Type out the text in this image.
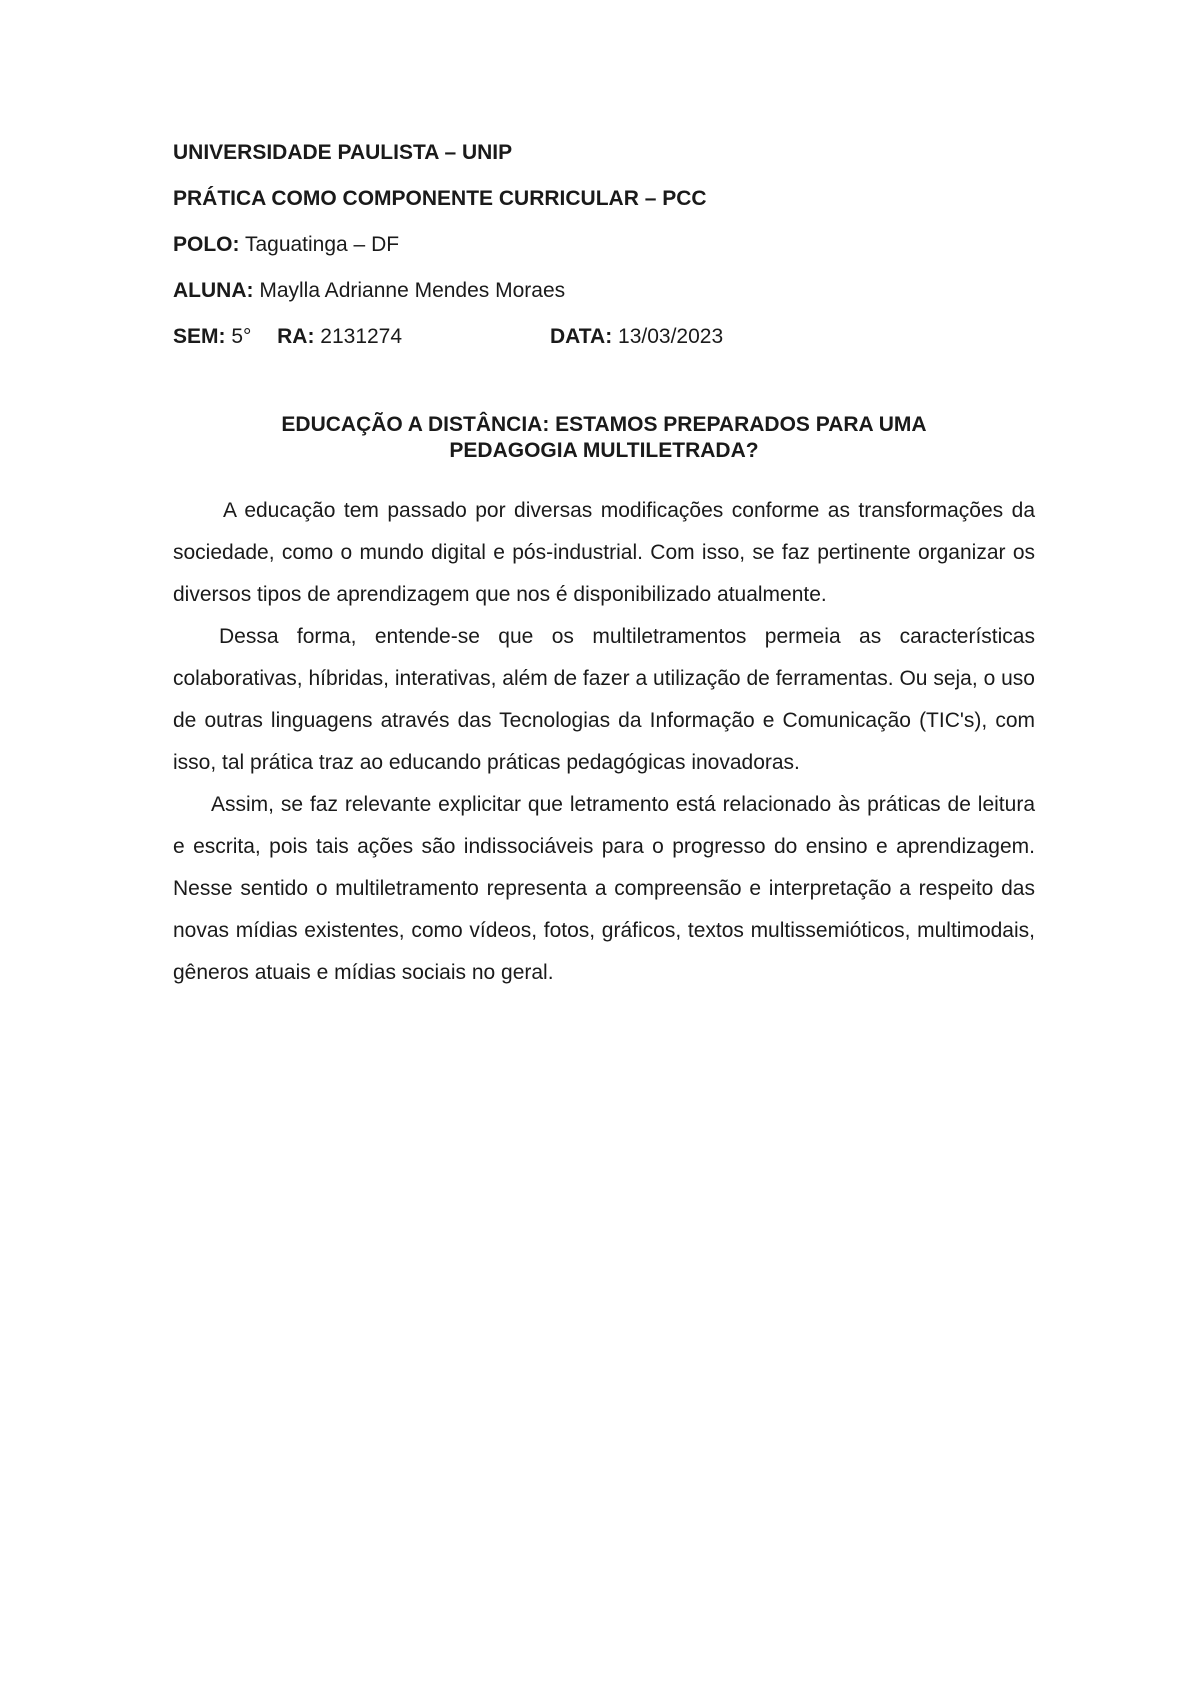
UNIVERSIDADE PAULISTA – UNIP
PRÁTICA COMO COMPONENTE CURRICULAR – PCC
POLO: Taguatinga – DF
ALUNA: Maylla Adrianne Mendes Moraes
SEM: 5° RA: 2131274	DATA: 13/03/2023
EDUCAÇÃO A DISTÂNCIA: ESTAMOS PREPARADOS PARA UMA
PEDAGOGIA MULTILETRADA?

A educação tem passado por diversas modificações conforme as transformações da sociedade, como o mundo digital e pós-industrial. Com isso, se faz pertinente organizar os diversos tipos de aprendizagem que nos é disponibilizado atualmente.

Dessa forma, entende-se que os multiletramentos permeia as características colaborativas, híbridas, interativas, além de fazer a utilização de ferramentas. Ou seja, o uso de outras linguagens através das Tecnologias da Informação e Comunicação (TIC's), com isso, tal prática traz ao educando práticas pedagógicas inovadoras.

Assim, se faz relevante explicitar que letramento está relacionado às práticas de leitura e escrita, pois tais ações são indissociáveis para o progresso do ensino e aprendizagem. Nesse sentido o multiletramento representa a compreensão e interpretação a respeito das novas mídias existentes, como vídeos, fotos, gráficos, textos multissemióticos, multimodais, gêneros atuais e mídias sociais no geral.
